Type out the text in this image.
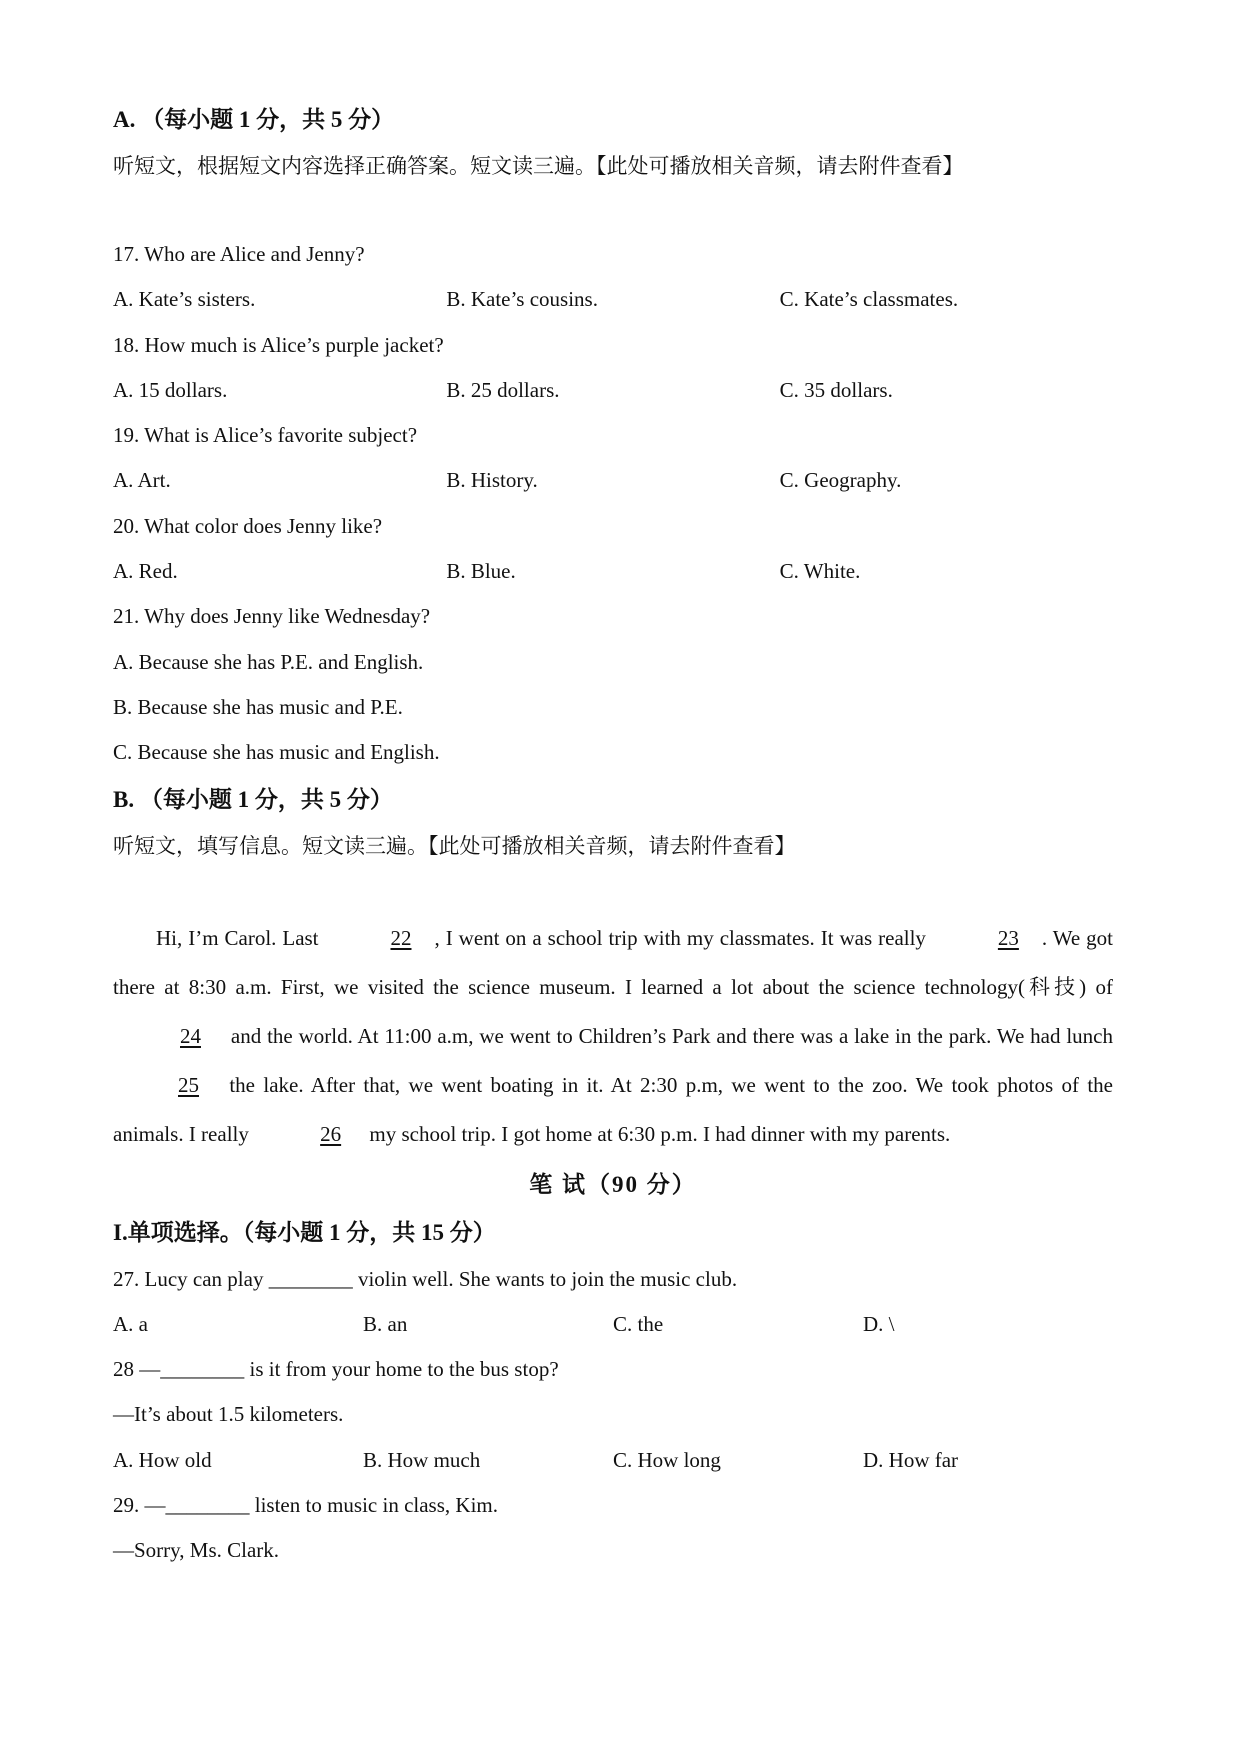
A. （每小题 1 分，共 5 分）
听短文，根据短文内容选择正确答案。短文读三遍。【此处可播放相关音频，请去附件查看】
17. Who are Alice and Jenny?
A. Kate’s sisters.	B. Kate’s cousins.	C. Kate’s classmates.
18. How much is Alice’s purple jacket?
A. 15 dollars.	B. 25 dollars.	C. 35 dollars.
19. What is Alice’s favorite subject?
A. Art.	B. History.	C. Geography.
20. What color does Jenny like?
A. Red.	B. Blue.	C. White.
21. Why does Jenny like Wednesday?
A. Because she has P.E. and English.
B. Because she has music and P.E.
C. Because she has music and English.
B. （每小题 1 分，共 5 分）
听短文，填写信息。短文读三遍。【此处可播放相关音频，请去附件查看】
Hi, I’m Carol. Last	22 , I went on a school trip with my classmates. It was really	23 . We got there at 8:30 a.m. First, we visited the science museum. I learned a lot about the science technology(科技) of 24 and the world. At 11:00 a.m, we went to Children’s Park and there was a lake in the park. We had lunch 25 the lake. After that, we went boating in it. At 2:30 p.m, we went to the zoo. We took photos of the animals. I really	26 my school trip. I got home at 6:30 p.m. I had dinner with my parents.
笔 试（90 分）
I.单项选择。（每小题 1 分，共 15 分）
27. Lucy can play ________ violin well. She wants to join the music club.
A. a	B. an	C. the	D. \
28 —________ is it from your home to the bus stop?
—It’s about 1.5 kilometers.
A. How old	B. How much	C. How long	D. How far
29. —________ listen to music in class, Kim.
—Sorry, Ms. Clark.
